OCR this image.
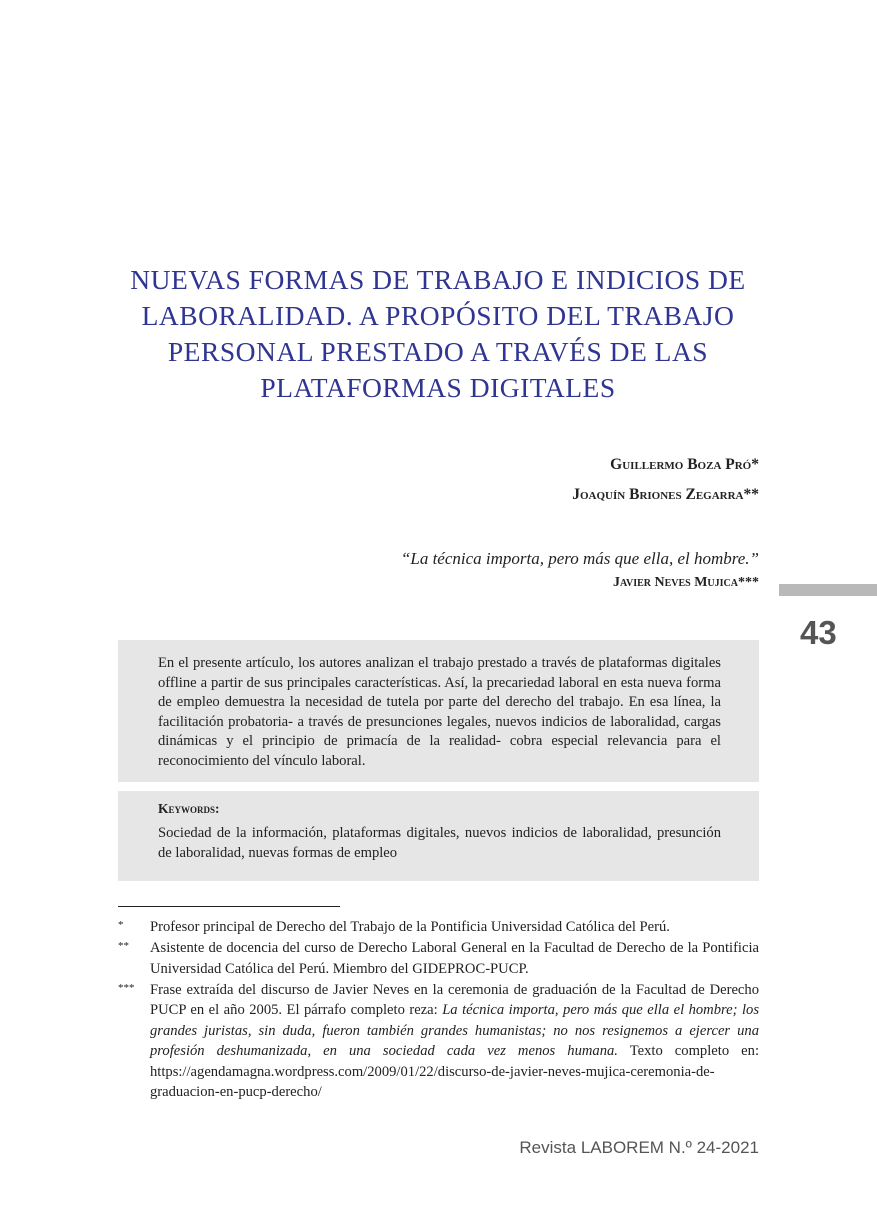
NUEVAS FORMAS DE TRABAJO E INDICIOS DE
LABORALIDAD. A PROPÓSITO DEL TRABAJO
PERSONAL PRESTADO A TRAVÉS DE LAS
PLATAFORMAS DIGITALES
Guillermo Boza Pró*
Joaquín Briones Zegarra**
“La técnica importa, pero más que ella, el hombre.”
Javier Neves Mujica***
43

En el presente artículo, los autores analizan el trabajo prestado a través de plataformas digitales offline a partir de sus principales características. Así, la precariedad laboral en esta nueva forma de empleo demuestra la necesidad de tutela por parte del derecho del trabajo. En esa línea, la facilitación probatoria- a través de presunciones legales, nuevos indicios de laboralidad, cargas dinámicas y el principio de primacía de la realidad- cobra especial relevancia para el reconocimiento del vínculo laboral.

Keywords:

Sociedad de la información, plataformas digitales, nuevos indicios de laboralidad, presunción de laboralidad, nuevas formas de empleo

* Profesor principal de Derecho del Trabajo de la Pontificia Universidad Católica del Perú.

** Asistente de docencia del curso de Derecho Laboral General en la Facultad de Derecho de la Pontificia Universidad Católica del Perú. Miembro del GIDEPROC-PUCP.

*** Frase extraída del discurso de Javier Neves en la ceremonia de graduación de la Facultad de Derecho PUCP en el año 2005. El párrafo completo reza: La técnica importa, pero más que ella el hombre; los grandes juristas, sin duda, fueron también grandes humanistas; no nos resignemos a ejercer una profesión deshumanizada, en una sociedad cada vez menos humana. Texto completo en: https://agendamagna.wordpress.com/2009/01/22/discurso-de-javier-neves-mujica-ceremonia-de-graduacion-en-pucp-derecho/

Revista LABOREM N.º 24-2021
